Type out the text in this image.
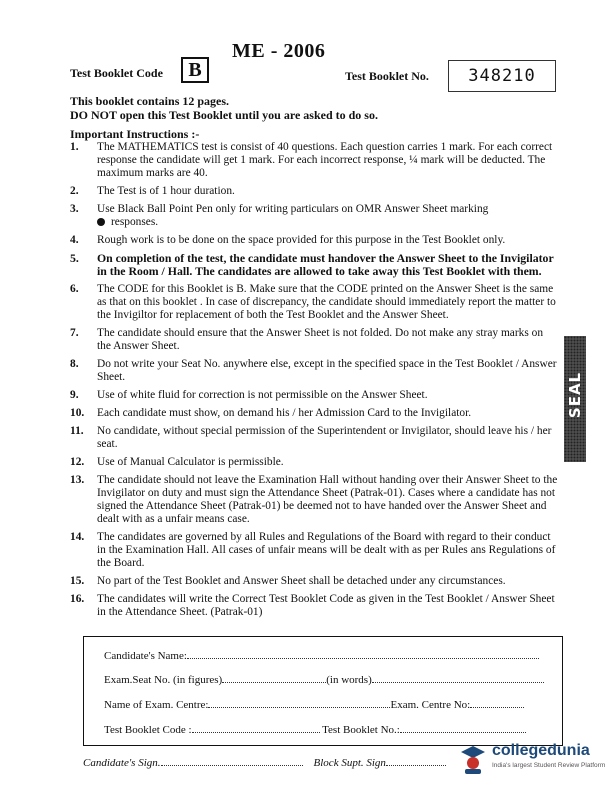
ME - 2006
Test Booklet Code	B	Test Booklet No.	348210
This booklet contains 12 pages.
DO NOT open this Test Booklet until you are asked to do so.
Important Instructions :-
1. The MATHEMATICS test is consist of 40 questions. Each question carries 1 mark. For each correct response the candidate will get 1 mark. For each incorrect response, ¼ mark will be deducted. The maximum marks are 40.
2. The Test is of 1 hour duration.
3. Use Black Ball Point Pen only for writing particulars on OMR Answer Sheet marking
responses.
4. Rough work is to be done on the space provided for this purpose in the Test Booklet only.
5. On completion of the test, the candidate must handover the Answer Sheet to the Invigilator in the Room / Hall. The candidates are allowed to take away this Test Booklet with them.
6. The CODE for this Booklet is B. Make sure that the CODE printed on the Answer Sheet is the same as that on this booklet . In case of discrepancy, the candidate should immediately report the matter to the Invigiltor for replacement of both the Test Booklet and the Answer Sheet.
7. The candidate should ensure that the Answer Sheet is not folded. Do not make any stray marks on the Answer Sheet.
8. Do not write your Seat No. anywhere else, except in the specified space in the Test Booklet / Answer Sheet.
9. Use of white fluid for correction is not permissible on the Answer Sheet.
10. Each candidate must show, on demand his / her Admission Card to the Invigilator.
11. No candidate, without special permission of the Superintendent or Invigilator, should leave his / her seat.
12. Use of Manual Calculator is permissible.
13. The candidate should not leave the Examination Hall without handing over their Answer Sheet to the Invigilator on duty and must sign the Attendance Sheet (Patrak-01). Cases where a candidate has not signed the Attendance Sheet (Patrak-01) be deemed not to have handed over the Answer Sheet and dealt with as a unfair means case.
14. The candidates are governed by all Rules and Regulations of the Board with regard to their conduct in the Examination Hall. All cases of unfair means will be dealt with as per Rules ans Regulations of the Board.
15. No part of the Test Booklet and Answer Sheet shall be detached under any circumstances.
16. The candidates will write the Correct Test Booklet Code as given in the Test Booklet / Answer Sheet in the Attendance Sheet. (Patrak-01)
SEAL
Candidate's Name:
Exam.Seat No. (in figures)	(in words)
Name of Exam. Centre:	Exam. Centre No:
Test Booklet Code :	Test Booklet No.:
Candidate's Sign.	Block Supt. Sign
collegedunia
India's largest Student Review Platform
